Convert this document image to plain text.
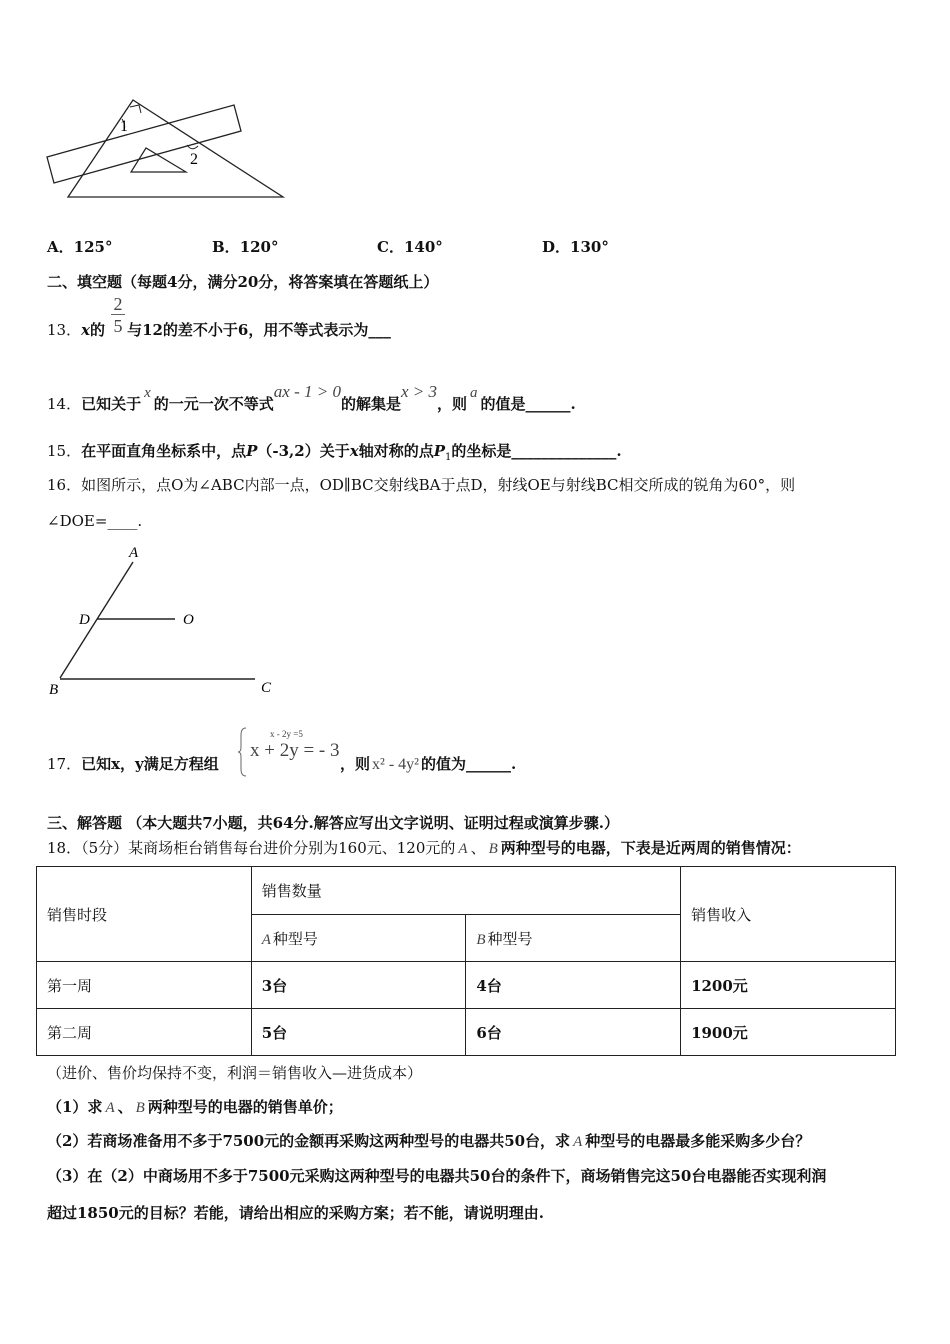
1
2
A．125°	B．120°	C．140°	D．130°
二、填空题（每题4分，满分20分，将答案填在答题纸上）
13．x的 与12的差不小于6，用不等式表示为___
2
5
14．已知关于x的一元一次不等式ax - 1 > 0的解集是x > 3，则a的值是______.
15．在平面直角坐标系中，点P（-3,2）关于x轴对称的点$P_1$的坐标是______________.
16．如图所示，点O为∠ABC内部一点，OD∥BC交射线BA于点D，射线OE与射线BC相交所成的锐角为60°，则
∠DOE=____.
A
D	O
B	C
17．已知x，y满足方程组
x - 2y =5
x + 2y = - 3
，则 x² - 4y² 的值为______.
三、解答题 （本大题共7小题，共64分.解答应写出文字说明、证明过程或演算步骤.）
18．（5分）某商场柜台销售每台进价分别为160元、120元的 A 、 B 两种型号的电器，下表是近两周的销售情况：
销售时段	销售数量		销售收入
	A 种型号	B 种型号	
第一周	3台	4台	1200元
第二周	5台	6台	1900元
（进价、售价均保持不变，利润＝销售收入—进货成本）
（1）求 A 、 B 两种型号的电器的销售单价；
（2）若商场准备用不多于7500元的金额再采购这两种型号的电器共50台，求 A 种型号的电器最多能采购多少台？
（3）在（2）中商场用不多于7500元采购这两种型号的电器共50台的条件下，商场销售完这50台电器能否实现利润
超过1850元的目标？若能，请给出相应的采购方案；若不能，请说明理由.
